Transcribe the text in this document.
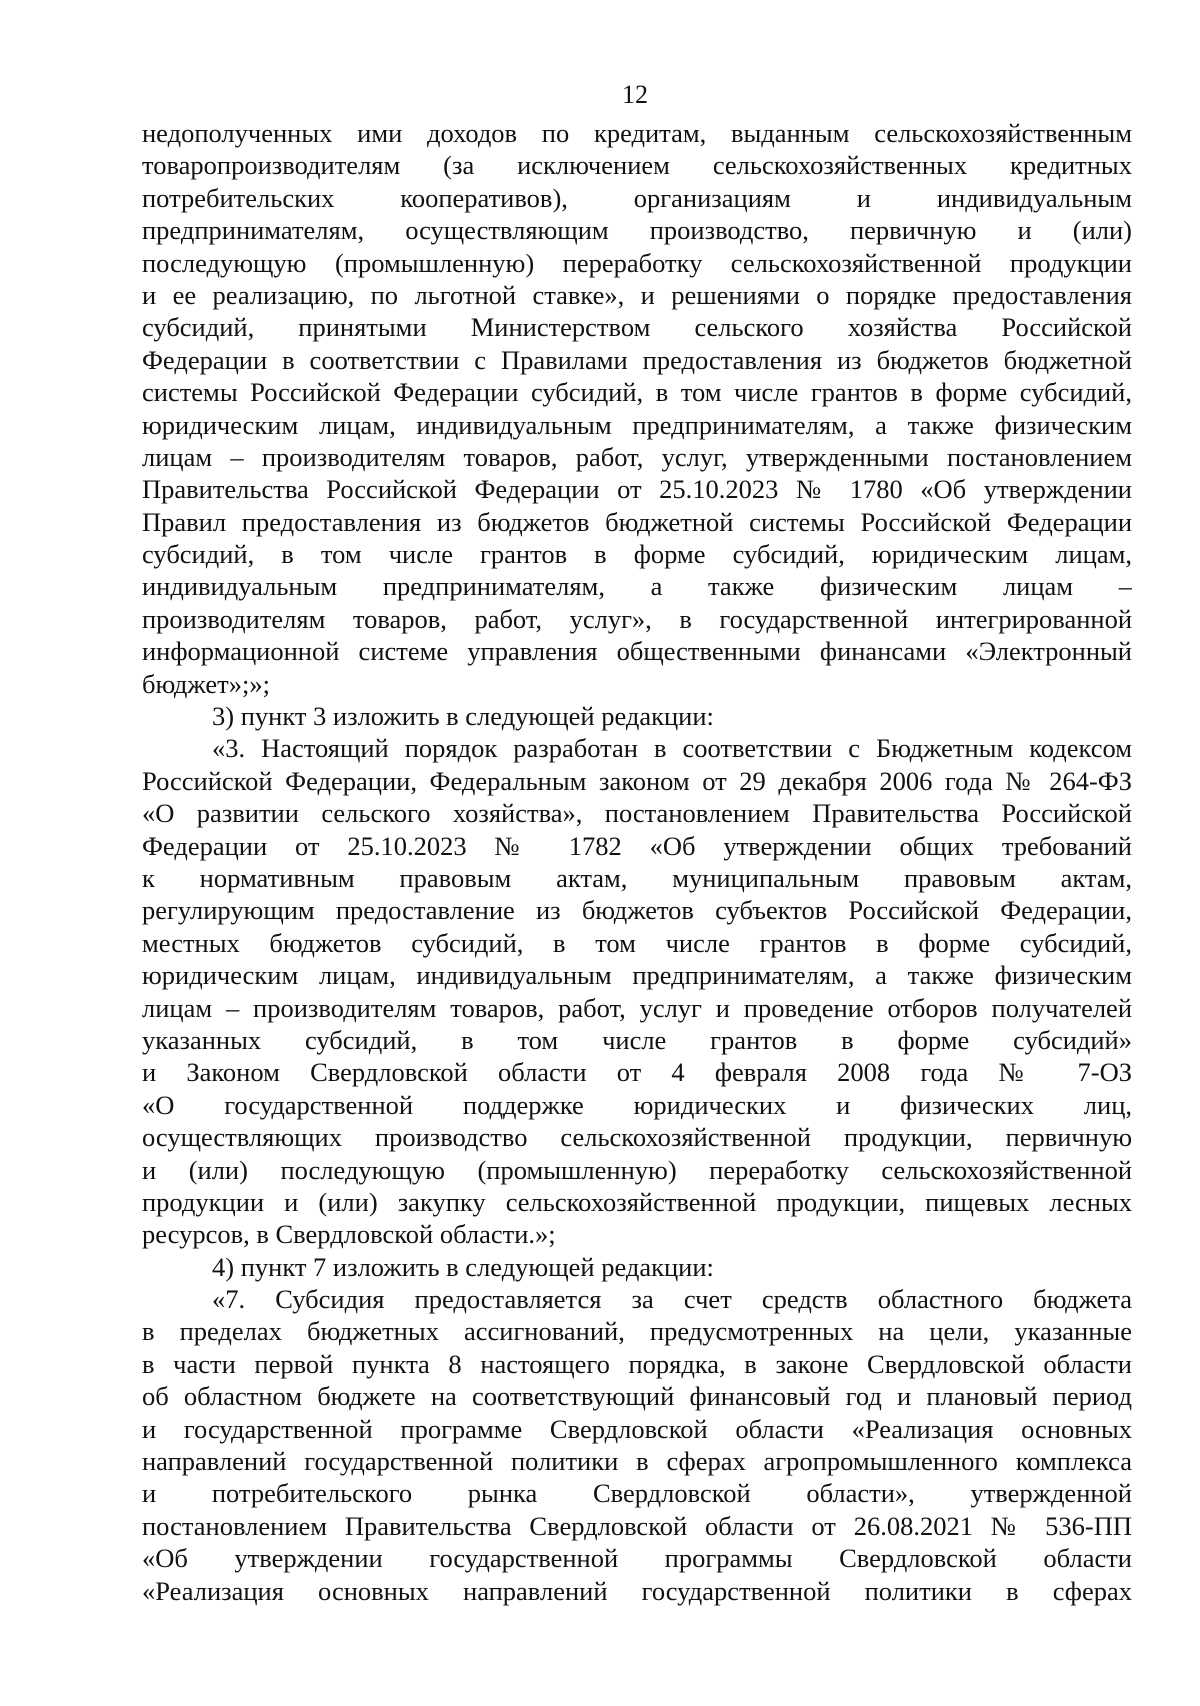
12
недополученных ими доходов по кредитам, выданным сельскохозяйственным
товаропроизводителям (за исключением сельскохозяйственных кредитных
потребительских кооперативов), организациям и индивидуальным
предпринимателям, осуществляющим производство, первичную и (или)
последующую (промышленную) переработку сельскохозяйственной продукции
и ее реализацию, по льготной ставке», и решениями о порядке предоставления
субсидий, принятыми Министерством сельского хозяйства Российской
Федерации в соответствии с Правилами предоставления из бюджетов бюджетной
системы Российской Федерации субсидий, в том числе грантов в форме субсидий,
юридическим лицам, индивидуальным предпринимателям, а также физическим
лицам – производителям товаров, работ, услуг, утвержденными постановлением
Правительства Российской Федерации от 25.10.2023 № 1780 «Об утверждении
Правил предоставления из бюджетов бюджетной системы Российской Федерации
субсидий, в том числе грантов в форме субсидий, юридическим лицам,
индивидуальным предпринимателям, а также физическим лицам –
производителям товаров, работ, услуг», в государственной интегрированной
информационной системе управления общественными финансами «Электронный
бюджет»;»;
3) пункт 3 изложить в следующей редакции:
«3. Настоящий порядок разработан в соответствии с Бюджетным кодексом
Российской Федерации, Федеральным законом от 29 декабря 2006 года № 264-ФЗ
«О развитии сельского хозяйства», постановлением Правительства Российской
Федерации от 25.10.2023 № 1782 «Об утверждении общих требований
к нормативным правовым актам, муниципальным правовым актам,
регулирующим предоставление из бюджетов субъектов Российской Федерации,
местных бюджетов субсидий, в том числе грантов в форме субсидий,
юридическим лицам, индивидуальным предпринимателям, а также физическим
лицам – производителям товаров, работ, услуг и проведение отборов получателей
указанных субсидий, в том числе грантов в форме субсидий»
и Законом Свердловской области от 4 февраля 2008 года № 7-ОЗ
«О государственной поддержке юридических и физических лиц,
осуществляющих производство сельскохозяйственной продукции, первичную
и (или) последующую (промышленную) переработку сельскохозяйственной
продукции и (или) закупку сельскохозяйственной продукции, пищевых лесных
ресурсов, в Свердловской области.»;
4) пункт 7 изложить в следующей редакции:
«7. Субсидия предоставляется за счет средств областного бюджета
в пределах бюджетных ассигнований, предусмотренных на цели, указанные
в части первой пункта 8 настоящего порядка, в законе Свердловской области
об областном бюджете на соответствующий финансовый год и плановый период
и государственной программе Свердловской области «Реализация основных
направлений государственной политики в сферах агропромышленного комплекса
и потребительского рынка Свердловской области», утвержденной
постановлением Правительства Свердловской области от 26.08.2021 № 536-ПП
«Об утверждении государственной программы Свердловской области
«Реализация основных направлений государственной политики в сферах
